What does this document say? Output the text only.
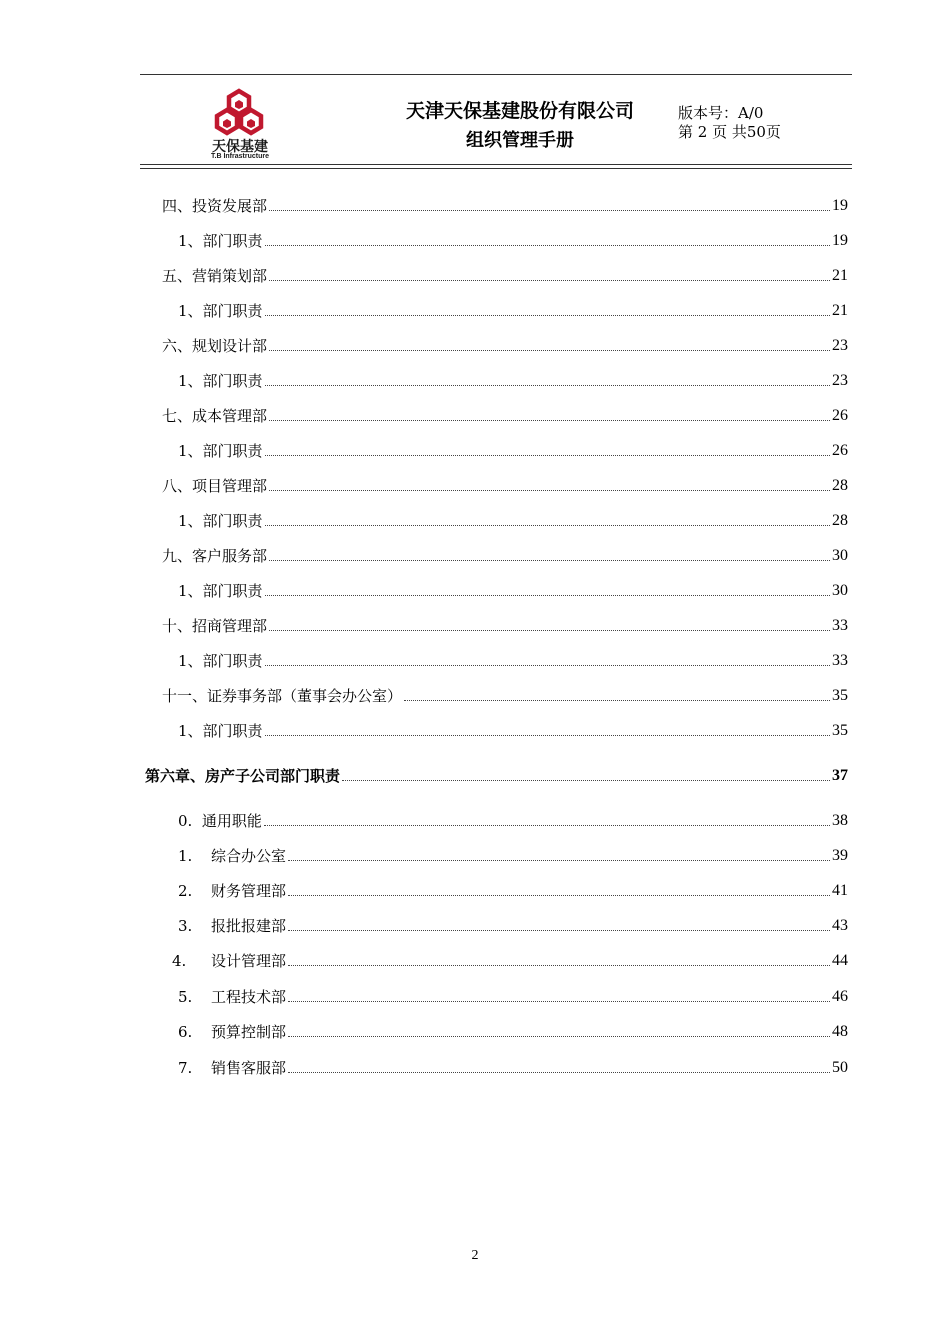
天保基建
T.B Infrastructure
天津天保基建股份有限公司
组织管理手册
版本号：A/0
第 2 页 共50页
四、投资发展部	19
1、部门职责	19
五、营销策划部	21
1、部门职责	21
六、规划设计部	23
1、部门职责	23
七、成本管理部	26
1、部门职责	26
八、项目管理部	28
1、部门职责	28
九、客户服务部	30
1、部门职责	30
十、招商管理部	33
1、部门职责	33
十一、证券事务部（董事会办公室）	35
1、部门职责	35
第六章、房产子公司部门职责	37
0.  通用职能	38
1. 综合办公室	39
2. 财务管理部	41
3. 报批报建部	43
4. 设计管理部	44
5. 工程技术部	46
6. 预算控制部	48
7. 销售客服部	50
2
